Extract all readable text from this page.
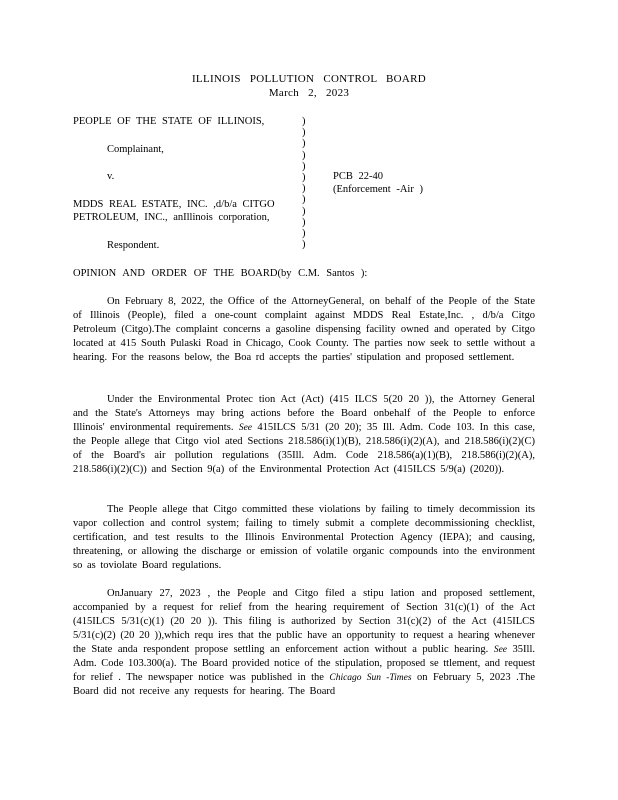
ILLINOIS POLLUTION CONTROL BOARD
March 2, 2023
PEOPLE OF THE STATE OF ILLINOIS,
Complainant,
v.
MDDS REAL ESTATE, INC. ,d/b/a CITGO
PETROLEUM, INC., anIllinois corporation,
Respondent.
)
)
)
)
)
)
)
)
)
)
)
)
PCB 22-40
(Enforcement -Air )
OPINION AND ORDER OF THE BOARD(by C.M. Santos ):
On February 8, 2022, the Office of the AttorneyGeneral, on behalf of the People of the State of Illinois (People), filed a one-count complaint against MDDS Real Estate,Inc. , d/b/a Citgo Petroleum (Citgo).The complaint concerns a gasoline dispensing facility owned and operated by Citgo located at 415 South Pulaski Road in Chicago, Cook County. The parties now seek to settle without a hearing. For the reasons below, the Boa rd accepts the parties' stipulation and proposed settlement.
Under the Environmental Protec tion Act (Act) (415 ILCS 5(20 20 )), the Attorney General and the State's Attorneys may bring actions before the Board onbehalf of the People to enforce Illinois' environmental requirements. See 415ILCS 5/31 (20 20); 35 Ill. Adm. Code 103. In this case, the People allege that Citgo viol ated Sections 218.586(i)(1)(B), 218.586(i)(2)(A), and 218.586(i)(2)(C) of the Board's air pollution regulations (35Ill. Adm. Code 218.586(a)(1)(B), 218.586(i)(2)(A), 218.586(i)(2)(C)) and Section 9(a) of the Environmental Protection Act (415ILCS 5/9(a) (2020)).
The People allege that Citgo committed these violations by failing to timely decommission its vapor collection and control system; failing to timely submit a complete decommissioning checklist, certification, and test results to the Illinois Environmental Protection Agency (IEPA); and causing, threatening, or allowing the discharge or emission of volatile organic compounds into the environment so as toviolate Board regulations.
OnJanuary 27, 2023 , the People and Citgo filed a stipu lation and proposed settlement, accompanied by a request for relief from the hearing requirement of Section 31(c)(1) of the Act (415ILCS 5/31(c)(1) (20 20 )). This filing is authorized by Section 31(c)(2) of the Act (415ILCS 5/31(c)(2) (20 20 )),which requ ires that the public have an opportunity to request a hearing whenever the State anda respondent propose settling an enforcement action without a public hearing. See 35Ill. Adm. Code 103.300(a). The Board provided notice of the stipulation, proposed se ttlement, and request for relief . The newspaper notice was published in the Chicago Sun -Times on February 5, 2023 .The Board did not receive any requests for hearing. The Board
